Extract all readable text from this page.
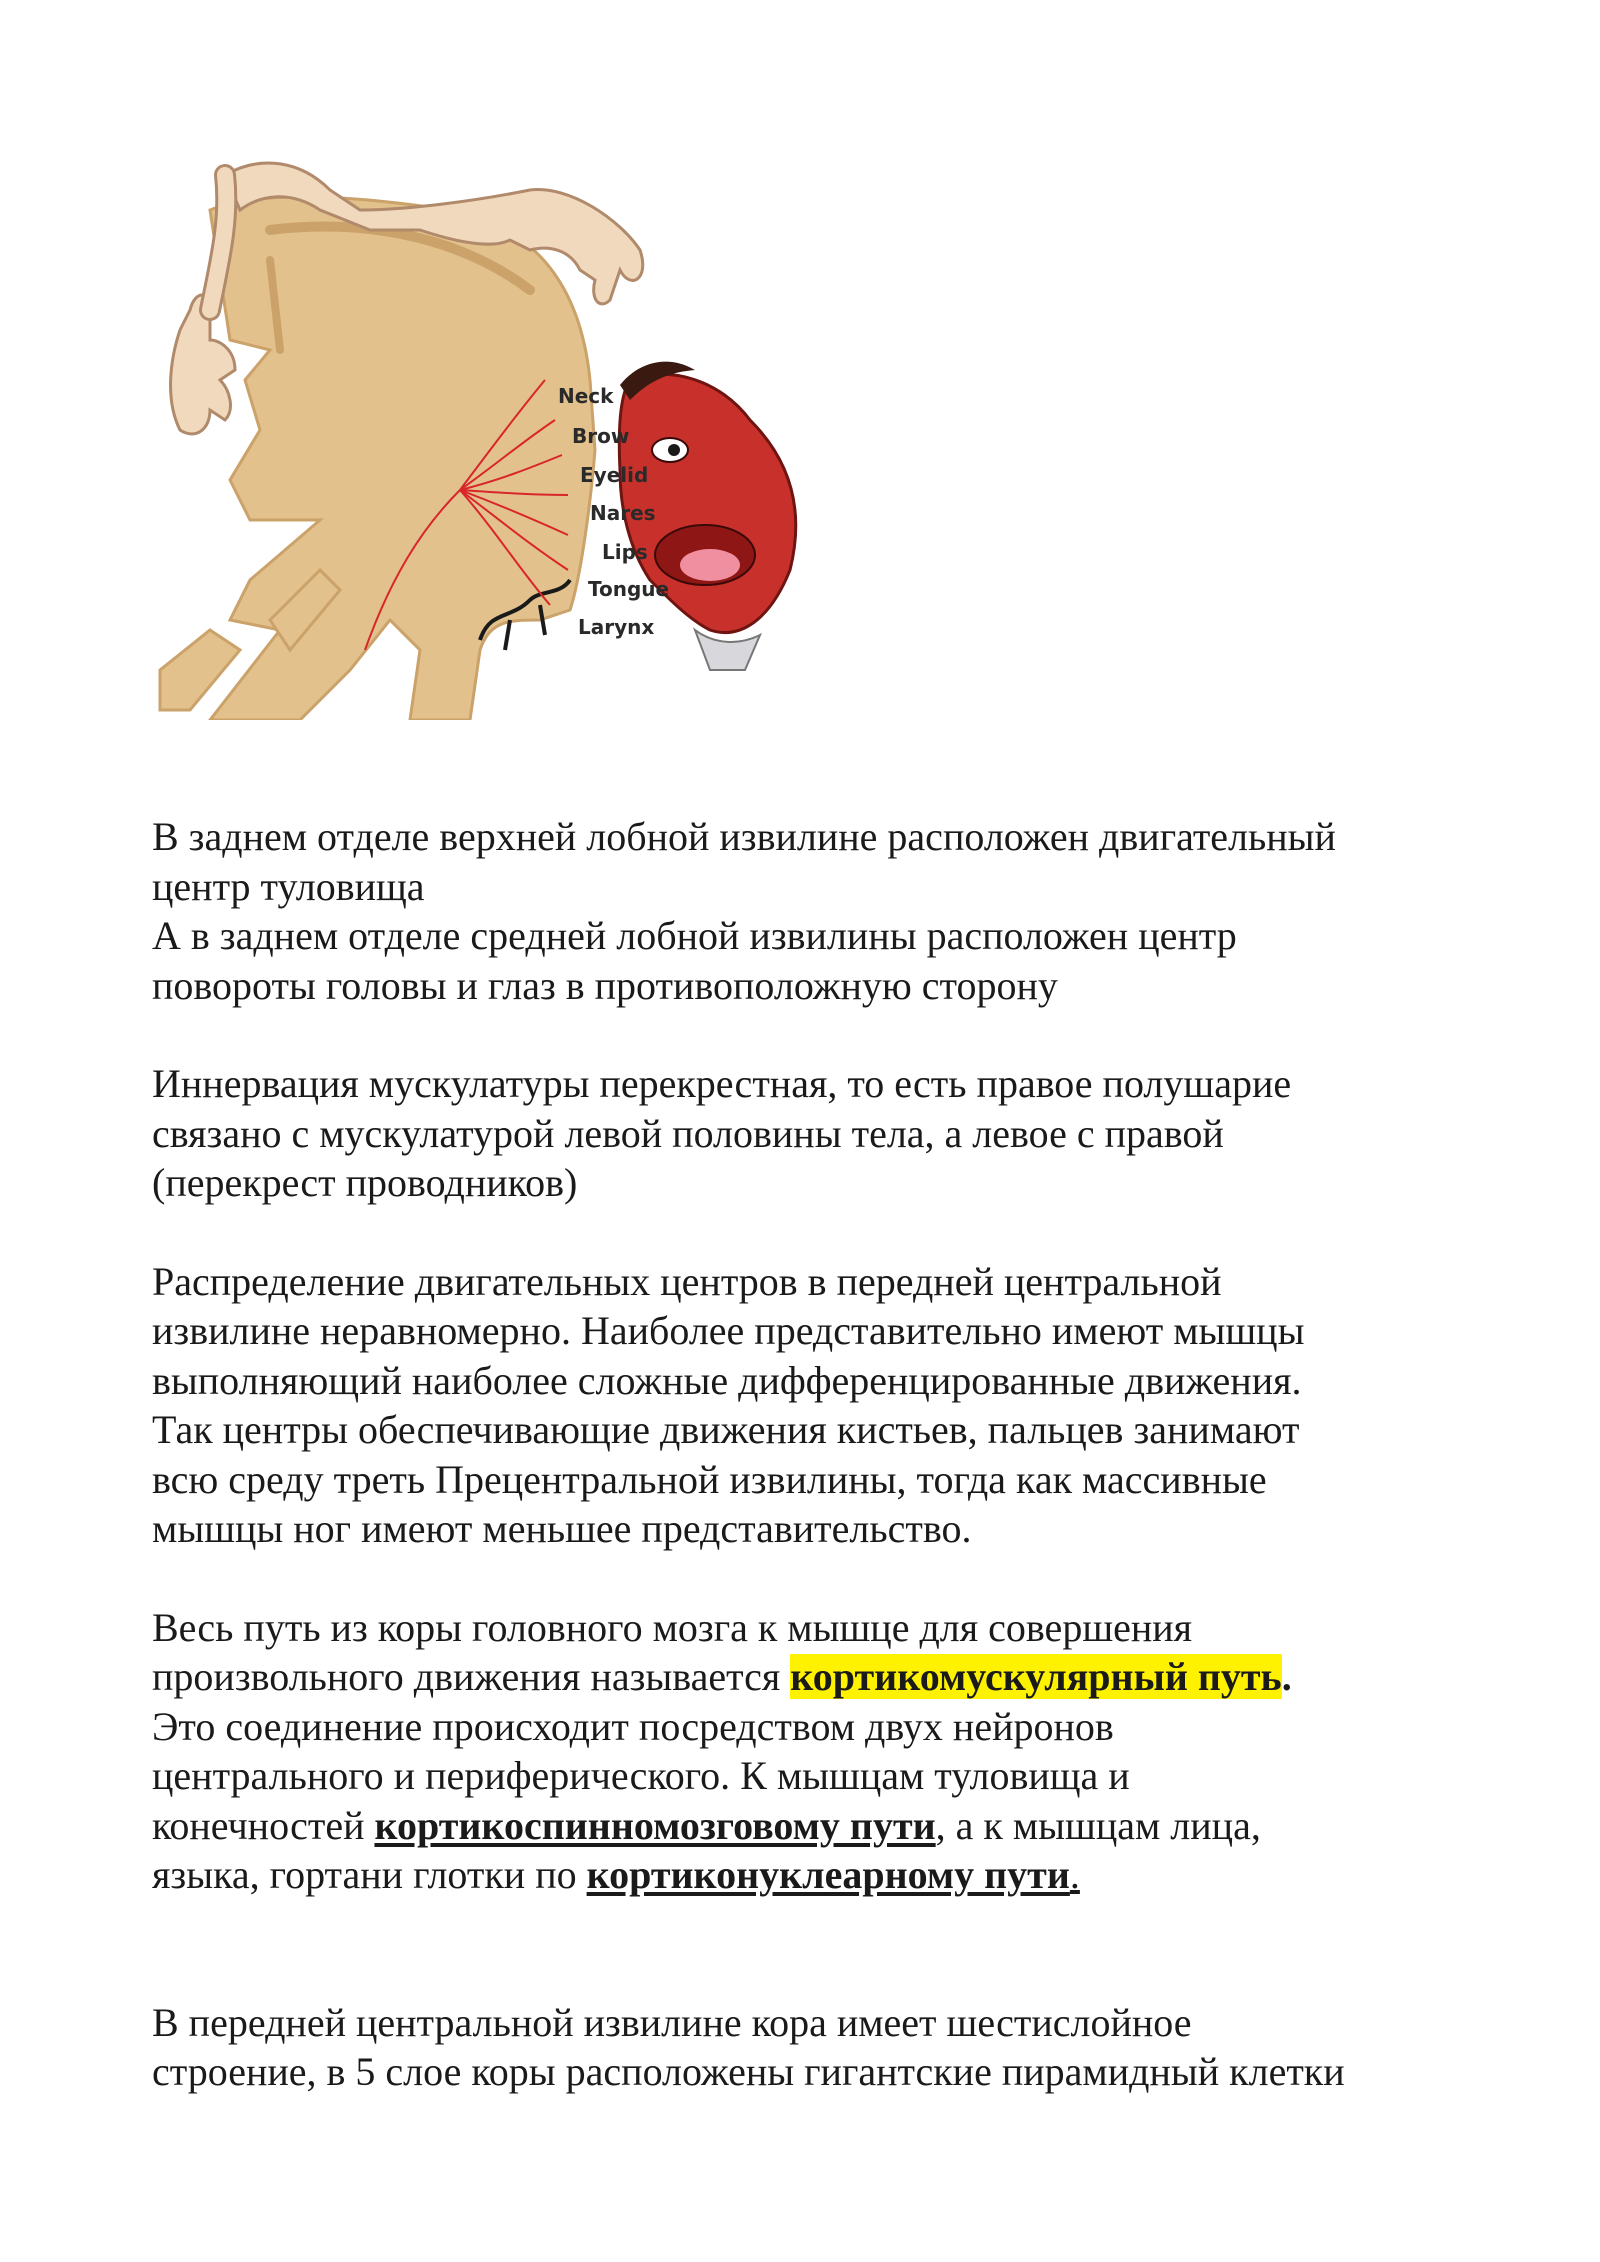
Neck
Brow
Eyelid
Nares
Lips
Tongue
Larynx

В заднем отделе верхней лобной извилине расположен двигательный
центр туловища
А в заднем отделе средней лобной извилины расположен центр
повороты головы и глаз в противоположную сторону

Иннервация мускулатуры перекрестная, то есть правое полушарие
связано с мускулатурой левой половины тела, а левое с правой
(перекрест проводников)

Распределение двигательных центров в передней центральной
извилине неравномерно. Наиболее представительно имеют мышцы
выполняющий наиболее сложные дифференцированные движения.
Так центры обеспечивающие движения кистьев, пальцев занимают
всю среду треть Прецентральной извилины, тогда как массивные
мышцы ног имеют меньшее представительство.

Весь путь из коры головного мозга к мышце для совершения
произвольного движения называется кортикомускулярный путь.
Это соединение происходит посредством двух нейронов
центрального и периферического. К мышцам туловища и
конечностей кортикоспинномозговому пути, а к мышцам лица,
языка, гортани глотки по кортиконуклеарному пути.

В передней центральной извилине кора имеет шестислойное
строение, в 5 слое коры расположены гигантские пирамидный клетки
